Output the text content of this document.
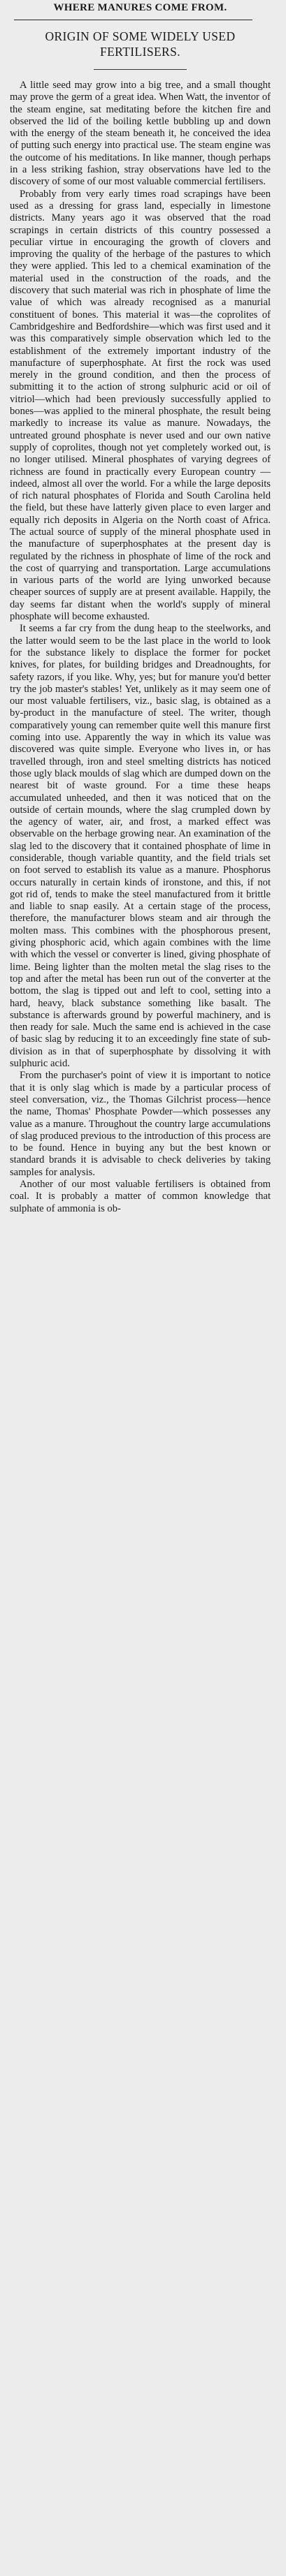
WHERE MANURES COME FROM.
ORIGIN OF SOME WIDELY USED FERTILISERS.

A little seed may grow into a big tree, and a small thought may prove the germ of a great idea. When Watt, the inventor of the steam engine, sat meditating before the kitchen fire and observed the lid of the boiling kettle bubbling up and down with the energy of the steam beneath it, he conceived the idea of putting such energy into practical use. The steam engine was the outcome of his meditations. In like manner, though perhaps in a less striking fashion, stray observations have led to the discovery of some of our most valuable commercial fertilisers.

Probably from very early times road scrapings have been used as a dressing for grass land, especially in limestone districts. Many years ago it was observed that the road scrapings in certain districts of this country possessed a peculiar virtue in encouraging the growth of clovers and improving the quality of the herbage of the pastures to which they were applied. This led to a chemical examination of the material used in the construction of the roads, and the discovery that such material was rich in phosphate of lime the value of which was already recognised as a manurial constituent of bones. This material it was—the coprolites of Cambridgeshire and Bedfordshire—which was first used and it was this comparatively simple observation which led to the establishment of the extremely important industry of the manufacture of superphosphate. At first the rock was used merely in the ground condition, and then the process of submitting it to the action of strong sulphuric acid or oil of vitriol—which had been previously successfully applied to bones—was applied to the mineral phosphate, the result being markedly to increase its value as manure. Nowadays, the untreated ground phosphate is never used and our own native supply of coprolites, though not yet completely worked out, is no longer utilised. Mineral phosphates of varying degrees of richness are found in practically every European country — indeed, almost all over the world. For a while the large deposits of rich natural phosphates of Florida and South Carolina held the field, but these have latterly given place to even larger and equally rich deposits in Algeria on the North coast of Africa. The actual source of supply of the mineral phosphate used in the manufacture of superphosphates at the present day is regulated by the richness in phosphate of lime of the rock and the cost of quarrying and transportation. Large accumulations in various parts of the world are lying unworked because cheaper sources of supply are at present available. Happily, the day seems far distant when the world's supply of mineral phosphate will become exhausted.

It seems a far cry from the dung heap to the steelworks, and the latter would seem to be the last place in the world to look for the substance likely to displace the former for pocket knives, for plates, for building bridges and Dreadnoughts, for safety razors, if you like. Why, yes; but for manure you'd better try the job master's stables! Yet, unlikely as it may seem one of our most valuable fertilisers, viz., basic slag, is obtained as a by-product in the manufacture of steel. The writer, though comparatively young can remember quite well this manure first coming into use. Apparently the way in which its value was discovered was quite simple. Everyone who lives in, or has travelled through, iron and steel smelting districts has noticed those ugly black moulds of slag which are dumped down on the nearest bit of waste ground. For a time these heaps accumulated unheeded, and then it was noticed that on the outside of certain mounds, where the slag crumpled down by the agency of water, air, and frost, a marked effect was observable on the herbage growing near. An examination of the slag led to the discovery that it contained phosphate of lime in considerable, though variable quantity, and the field trials set on foot served to establish its value as a manure. Phosphorus occurs naturally in certain kinds of ironstone, and this, if not got rid of, tends to make the steel manufactured from it brittle and liable to snap easily. At a certain stage of the process, therefore, the manufacturer blows steam and air through the molten mass. This combines with the phosphorous present, giving phosphoric acid, which again combines with the lime with which the vessel or converter is lined, giving phosphate of lime. Being lighter than the molten metal the slag rises to the top and after the metal has been run out of the converter at the bottom, the slag is tipped out and left to cool, setting into a hard, heavy, black substance something like basalt. The substance is afterwards ground by powerful machinery, and is then ready for sale. Much the same end is achieved in the case of basic slag by reducing it to an exceedingly fine state of sub-division as in that of superphosphate by dissolving it with sulphuric acid.

From the purchaser's point of view it is important to notice that it is only slag which is made by a particular process of steel conversation, viz., the Thomas Gilchrist process—hence the name, Thomas' Phosphate Powder—which possesses any value as a manure. Throughout the country large accumulations of slag produced previous to the introduction of this process are to be found. Hence in buying any but the best known or standard brands it is advisable to check deliveries by taking samples for analysis.

Another of our most valuable fertilisers is obtained from coal. It is probably a matter of common knowledge that sulphate of ammonia is ob-
